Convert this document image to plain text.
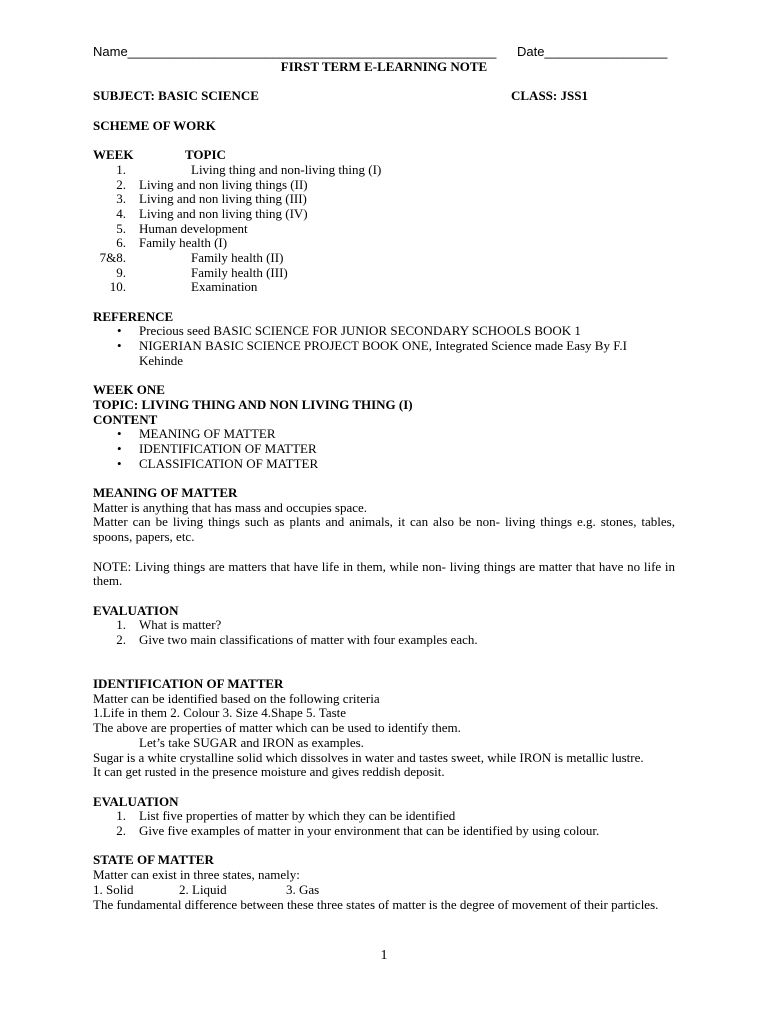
Name___________________________________________________ Date_________________
FIRST TERM E-LEARNING NOTE
SUBJECT: BASIC SCIENCE	CLASS: JSS1
SCHEME OF WORK
WEEK	TOPIC
1.	Living thing and non-living thing (I)
2. Living and non living things (II)
3. Living and non living thing (III)
4. Living and non living thing (IV)
5. Human development
6. Family health (I)
7&8.	Family health (II)
9.	Family health (III)
10.	Examination
REFERENCE
• Precious seed BASIC SCIENCE FOR JUNIOR SECONDARY SCHOOLS BOOK 1
• NIGERIAN BASIC SCIENCE PROJECT BOOK ONE, Integrated Science made Easy By F.I
Kehinde
WEEK ONE
TOPIC: LIVING THING AND NON LIVING THING (I)
CONTENT
• MEANING OF MATTER
• IDENTIFICATION OF MATTER
• CLASSIFICATION OF MATTER
MEANING OF MATTER
Matter is anything that has mass and occupies space.
Matter can be living things such as plants and animals, it can also be non- living things e.g. stones, tables, spoons, papers, etc.
NOTE: Living things are matters that have life in them, while non- living things are matter that have no life in them.
EVALUATION
1. What is matter?
2. Give two main classifications of matter with four examples each.
IDENTIFICATION OF MATTER
Matter can be identified based on the following criteria
1.Life in them 2. Colour 3. Size 4.Shape 5. Taste
The above are properties of matter which can be used to identify them.
Let’s take SUGAR and IRON as examples.
Sugar is a white crystalline solid which dissolves in water and tastes sweet, while IRON is metallic lustre.
It can get rusted in the presence moisture and gives reddish deposit.
EVALUATION
1. List five properties of matter by which they can be identified
2. Give five examples of matter in your environment that can be identified by using colour.
STATE OF MATTER
Matter can exist in three states, namely:
1. Solid	2. Liquid	3. Gas
The fundamental difference between these three states of matter is the degree of movement of their particles.
1
